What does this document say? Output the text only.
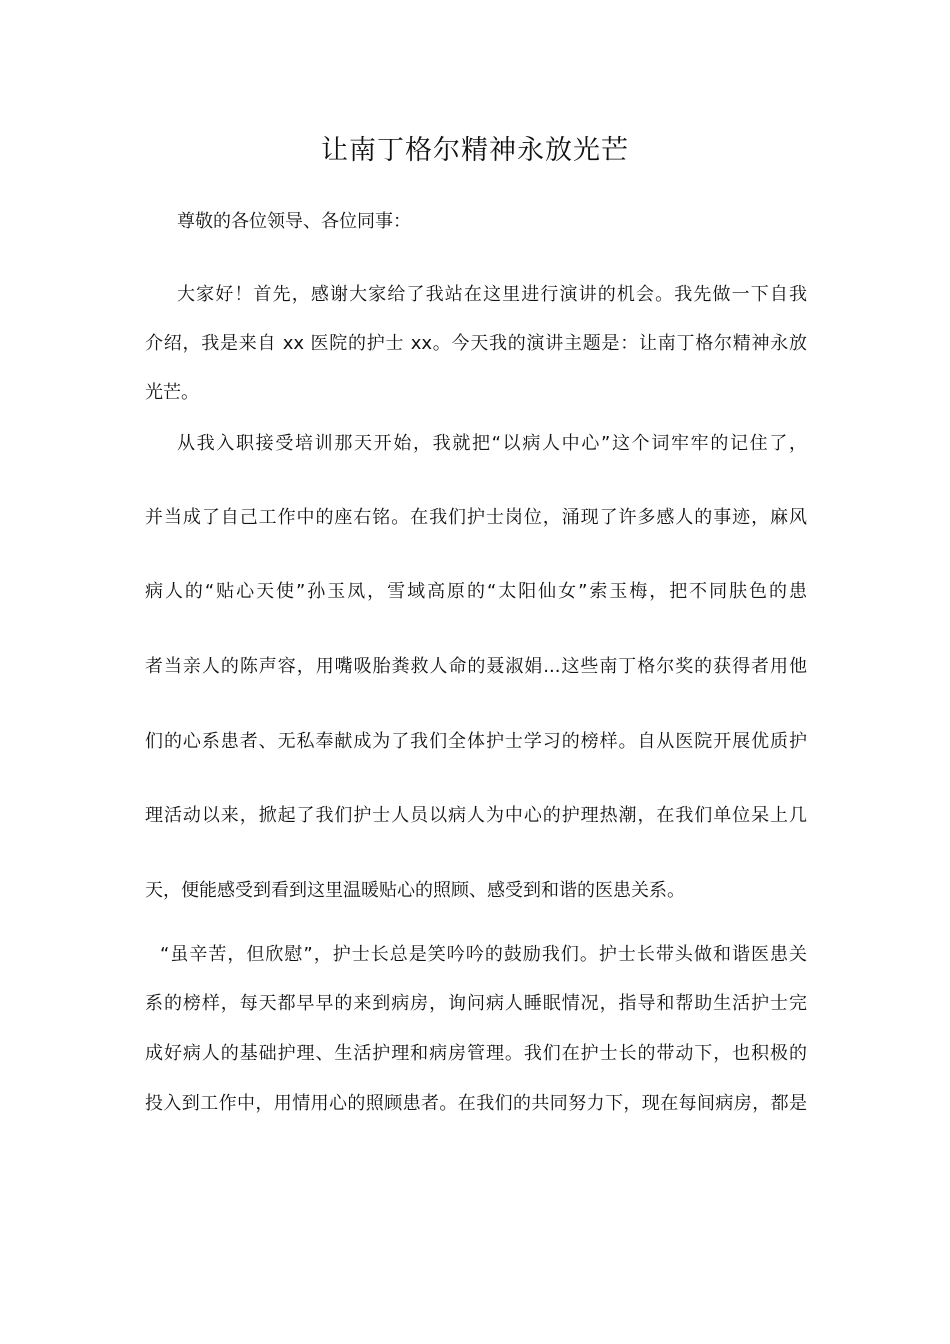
让南丁格尔精神永放光芒

尊敬的各位领导、各位同事：

大家好！首先，感谢大家给了我站在这里进行演讲的机会。我先做一下自我

介绍，我是来自 xx 医院的护士 xx。今天我的演讲主题是：让南丁格尔精神永放

光芒。

从我入职接受培训那天开始，我就把“以病人中心”这个词牢牢的记住了，

并当成了自己工作中的座右铭。在我们护士岗位，涌现了许多感人的事迹，麻风

病人的“贴心天使”孙玉凤，雪域高原的“太阳仙女”索玉梅，把不同肤色的患

者当亲人的陈声容，用嘴吸胎粪救人命的聂淑娟...这些南丁格尔奖的获得者用他

们的心系患者、无私奉献成为了我们全体护士学习的榜样。自从医院开展优质护

理活动以来，掀起了我们护士人员以病人为中心的护理热潮，在我们单位呆上几

天，便能感受到看到这里温暖贴心的照顾、感受到和谐的医患关系。

“虽辛苦，但欣慰”，护士长总是笑吟吟的鼓励我们。护士长带头做和谐医患关

系的榜样，每天都早早的来到病房，询问病人睡眠情况，指导和帮助生活护士完

成好病人的基础护理、生活护理和病房管理。我们在护士长的带动下，也积极的

投入到工作中，用情用心的照顾患者。在我们的共同努力下，现在每间病房，都是
